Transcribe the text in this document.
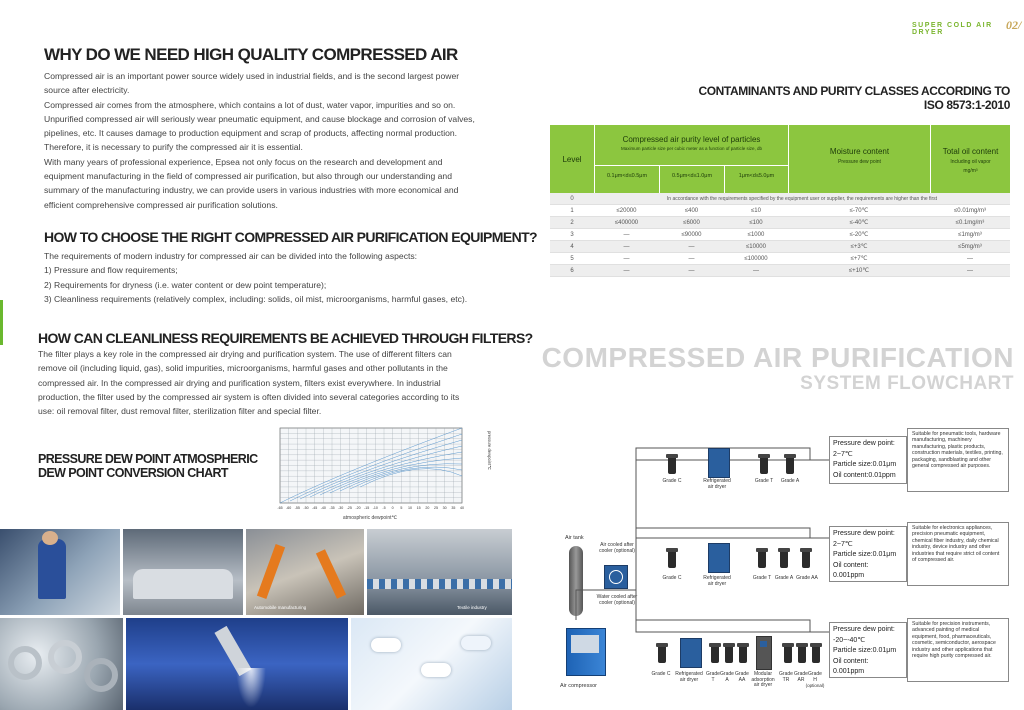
SUPER COLD AIR DRYER
02/
WHY DO WE NEED HIGH QUALITY COMPRESSED AIR

Compressed air is an important power source widely used in industrial fields, and is the second largest power source after electricity.

Compressed air comes from the atmosphere, which contains a lot of dust, water vapor, impurities and so on. Unpurified compressed air will seriously wear pneumatic equipment, and cause blockage and corrosion of valves, pipelines, etc. It causes damage to production equipment and scrap of products, affecting normal production. Therefore, it is necessary to purify the compressed air it is essential.

With many years of professional experience, Epsea not only focus on the research and development and equipment manufacturing in the field of compressed air purification, but also through our understanding and summary of the manufacturing industry, we can provide users in various industries with more economical and efficient comprehensive compressed air purification solutions.

HOW TO CHOOSE THE RIGHT COMPRESSED AIR PURIFICATION EQUIPMENT?

The requirements of modern industry for compressed air can be divided into the following aspects:

1) Pressure and flow requirements;

2) Requirements for dryness (i.e. water content or dew point temperature);

3) Cleanliness requirements (relatively complex, including: solids, oil mist, microorganisms, harmful gases, etc).

HOW CAN CLEANLINESS REQUIREMENTS BE ACHIEVED THROUGH FILTERS?
The filter plays a key role in the compressed air drying and purification system. The use of different filters can remove oil (including liquid, gas), solid impurities, microorganisms, harmful gases and other pollutants in the compressed air. In the compressed air drying and purification system, filters exist everywhere. In industrial production, the filter used by the compressed air system is often divided into several categories according to its use: oil removal filter, dust removal filter, sterilization filter and special filter.
PRESSURE DEW POINT ATMOSPHERIC
DEW POINT CONVERSION CHART
-65 -60 -55 -50 -45 -40 -35 -30 -25 -20 -15 -10 -5 0 5 10 15 20 25 30 35 40
atmospheric dewpoint℃
pressure dewpoint℃
Automobile manufacturing	Textile industry
CONTAMINANTS AND PURITY CLASSES ACCORDING TO
ISO 8573:1-2010
Level
Compressed air purity level of particles
Maximum particle size per cubic meter as a function of particle size, db
0.1μm<d≤0.5μm	0.5μm<d≤1.0μm	1μm<d≤5.0μm
Moisture content
Pressure dew point
Total oil content
Including oil vapor
mg/m³
0	In accordance with the requirements specified by the equipment user or supplier, the requirements are higher than the first				
1	≤20000	≤400	≤10	≤-70℃	≤0.01mg/m³
2	≤400000	≤6000	≤100	≤-40℃	≤0.1mg/m³
3	—	≤90000	≤1000	≤-20℃	≤1mg/m³
4	—	—	≤10000	≤+3℃	≤5mg/m³
5	—	—	≤100000	≤+7℃	—
6	—	—	—	≤+10℃	—
COMPRESSED AIR PURIFICATION
SYSTEM FLOWCHART
Air tank
Air cooled after cooler (optional)
Water cooled after cooler (optional)
Air compressor
Grade C	Refrigerated air dryer
Grade T	Grade A
Grade C	Refrigerated air dryer
Grade T Grade A Grade AA
Grade C Refrigerated air dryer
Grade T
Grade A
Grade AA
Modular adsorption air dryer
Grade TR
Grade AR
Grade H
(optional)
Pressure dew point:
2~7℃
Particle size:0.01μm
Oil content:0.01ppm
Suitable for pneumatic tools, hardware manufacturing, machinery manufacturing, plastic products, construction materials, textiles, printing, packaging, sandblasting and other general compressed air purposes.
Pressure dew point:
2~7℃
Particle size:0.01μm
Oil content:
0.001ppm
Suitable for electronics appliances, precision pneumatic equipment, chemical fiber industry, daily chemical industry, device industry and other industries that require strict oil content of compressed air.
Pressure dew point:
-20~-40℃
Particle size:0.01μm
Oil content:
0.001ppm
Suitable for precision instruments, advanced painting of medical equipment, food, pharmaceuticals, cosmetic, semiconductor, aerospace industry and other applications that require high purity compressed air.
